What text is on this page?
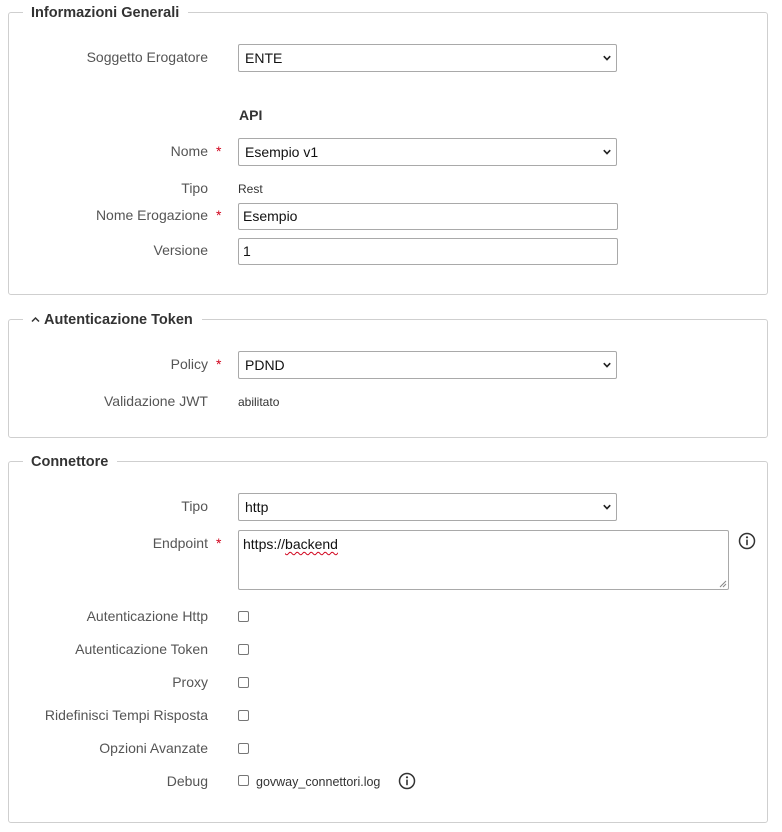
Informazioni Generali
Soggetto Erogatore	ENTE
API
Nome *	Esempio v1
Tipo	Rest
Nome Erogazione *	Esempio
Versione	1
Autenticazione Token
Policy *	PDND
Validazione JWT	abilitato
Connettore
Tipo	http
Endpoint *	https://backend
Autenticazione Http
Autenticazione Token
Proxy
Ridefinisci Tempi Risposta
Opzioni Avanzate
Debug	govway_connettori.log
